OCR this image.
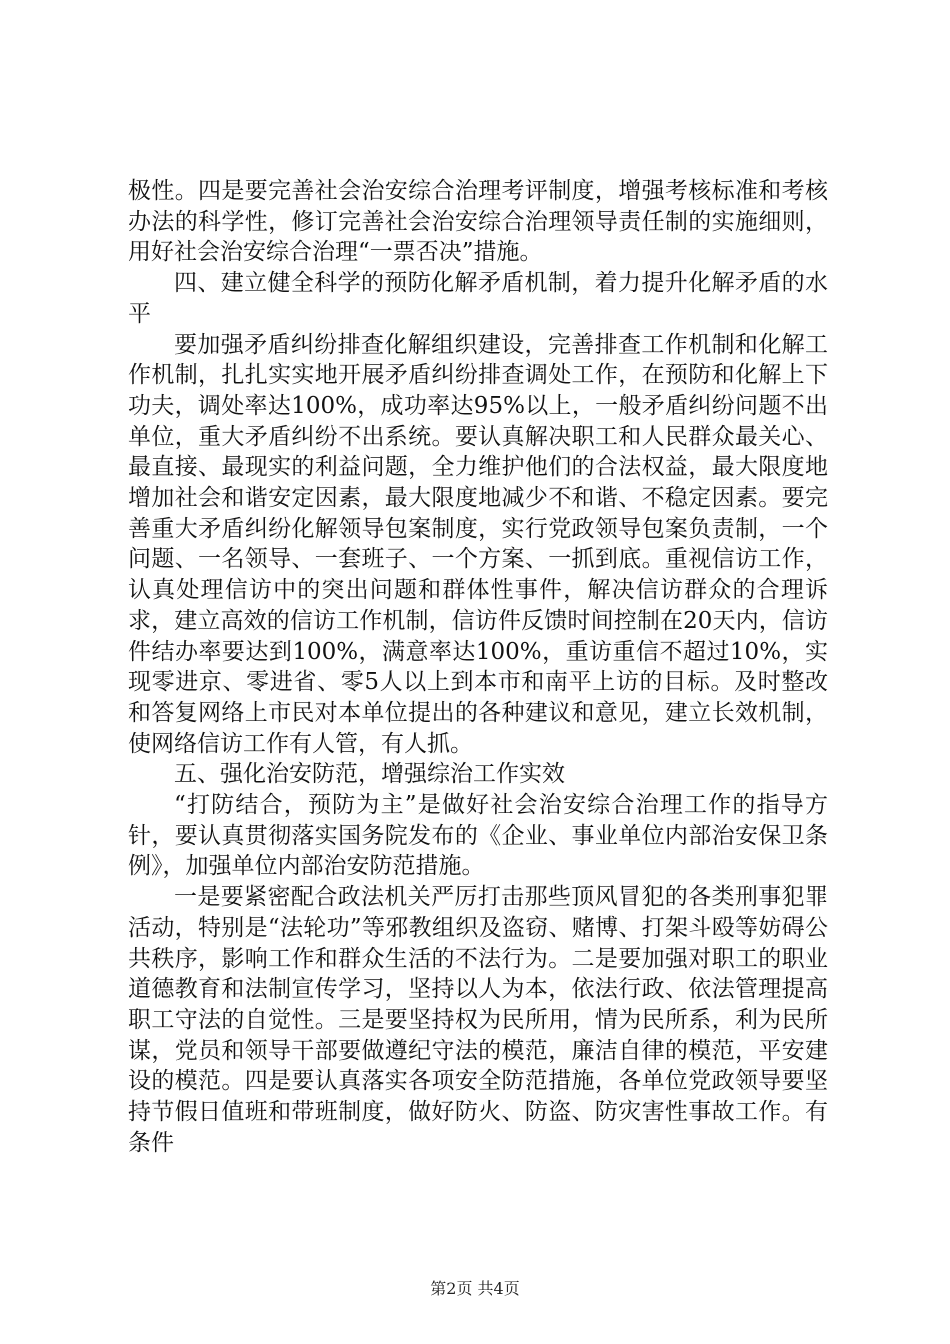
极性。四是要完善社会治安综合治理考评制度，增强考核标准和考核办法的科学性，修订完善社会治安综合治理领导责任制的实施细则，用好社会治安综合治理“一票否决”措施。

四、建立健全科学的预防化解矛盾机制，着力提升化解矛盾的水平

要加强矛盾纠纷排查化解组织建设，完善排查工作机制和化解工作机制，扎扎实实地开展矛盾纠纷排查调处工作，在预防和化解上下功夫，调处率达100%，成功率达95%以上，一般矛盾纠纷问题不出单位，重大矛盾纠纷不出系统。要认真解决职工和人民群众最关心、最直接、最现实的利益问题，全力维护他们的合法权益，最大限度地增加社会和谐安定因素，最大限度地减少不和谐、不稳定因素。要完善重大矛盾纠纷化解领导包案制度，实行党政领导包案负责制，一个问题、一名领导、一套班子、一个方案、一抓到底。重视信访工作，认真处理信访中的突出问题和群体性事件，解决信访群众的合理诉求，建立高效的信访工作机制，信访件反馈时间控制在20天内，信访件结办率要达到100%，满意率达100%，重访重信不超过10%，实现零进京、零进省、零5人以上到本市和南平上访的目标。及时整改和答复网络上市民对本单位提出的各种建议和意见，建立长效机制，使网络信访工作有人管，有人抓。

五、强化治安防范，增强综治工作实效

“打防结合，预防为主”是做好社会治安综合治理工作的指导方针，要认真贯彻落实国务院发布的《企业、事业单位内部治安保卫条例》，加强单位内部治安防范措施。

一是要紧密配合政法机关严厉打击那些顶风冒犯的各类刑事犯罪活动，特别是“法轮功”等邪教组织及盗窃、赌博、打架斗殴等妨碍公共秩序，影响工作和群众生活的不法行为。二是要加强对职工的职业道德教育和法制宣传学习，坚持以人为本，依法行政、依法管理提高职工守法的自觉性。三是要坚持权为民所用，情为民所系，利为民所谋，党员和领导干部要做遵纪守法的模范，廉洁自律的模范，平安建设的模范。四是要认真落实各项安全防范措施，各单位党政领导要坚持节假日值班和带班制度，做好防火、防盗、防灾害性事故工作。有条件

第2页 共4页
